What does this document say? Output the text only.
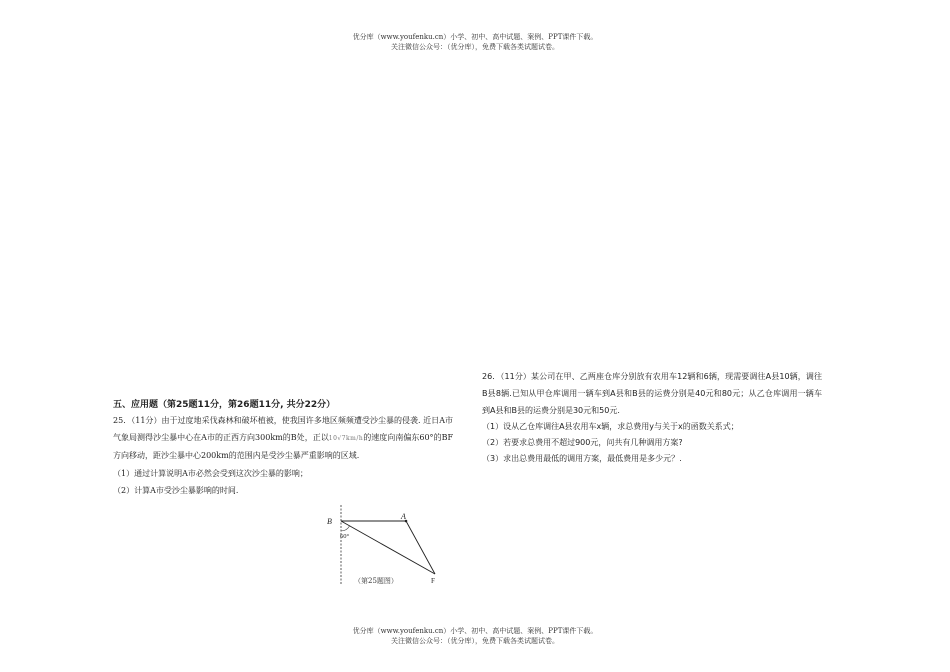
优分库（www.youfenku.cn）小学、初中、高中试题、案例、PPT课件下载。
关注微信公众号：（优分库），免费下载各类试题试卷。
五、应用题（第25题11分，第26题11分, 共分22分）
25．（11分）由于过度地采伐森林和破坏植被，使我国许多地区频频遭受沙尘暴的侵袭. 近日A市气象局测得沙尘暴中心在A市的正西方向300km的B处，正以10√7km/h的速度向南偏东60°的BF方向移动，距沙尘暴中心200km的范围内是受沙尘暴严重影响的区域.
（1）通过计算说明A市必然会受到这次沙尘暴的影响；
（2）计算A市受沙尘暴影响的时间.
B
A
F
60°
（第25题图）
26．（11分）某公司在甲、乙两座仓库分别放有农用车12辆和6辆，现需要调往A县10辆，调往B县8辆.已知从甲仓库调用一辆车到A县和B县的运费分别是40元和80元；从乙仓库调用一辆车到A县和B县的运费分别是30元和50元.
（1）设从乙仓库调往A县农用车x辆，求总费用y与关于x的函数关系式；
（2）若要求总费用不超过900元，问共有几种调用方案?
（3）求出总费用最低的调用方案，最低费用是多少元？.
优分库（www.youfenku.cn）小学、初中、高中试题、案例、PPT课件下载。
关注微信公众号：（优分库），免费下载各类试题试卷。
